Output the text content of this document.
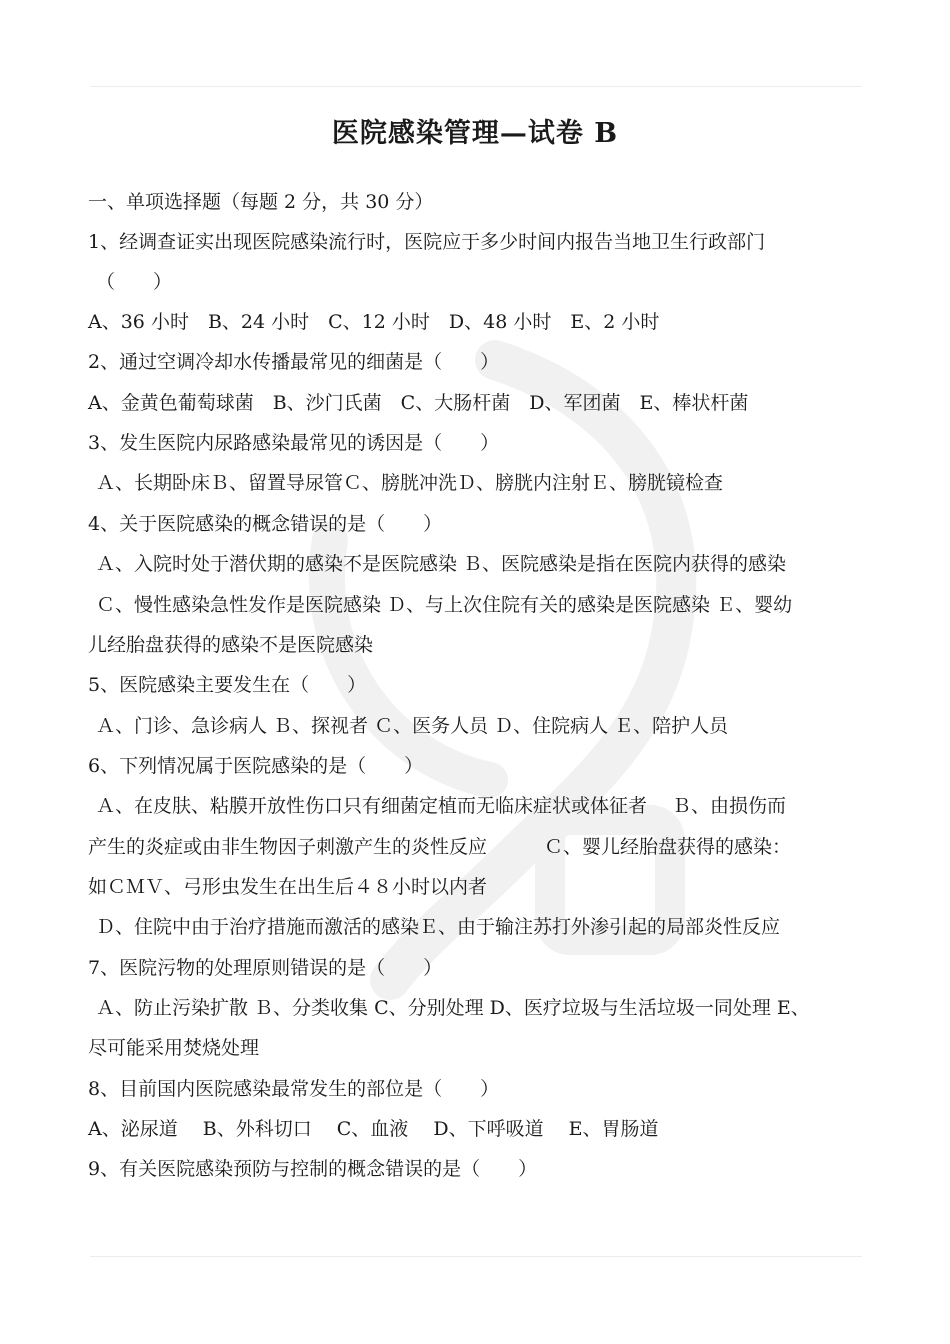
医院感染管理—试卷 B
一、单项选择题（每题 2 分，共 30 分）
1、经调查证实出现医院感染流行时，医院应于多少时间内报告当地卫生行政部门
（　　）
A、36 小时　B、24 小时　C、12 小时　D、48 小时　E、2 小时
2、通过空调冷却水传播最常见的细菌是（　　）
A、金黄色葡萄球菌　B、沙门氏菌　C、大肠杆菌　D、军团菌　E、棒状杆菌
3、发生医院内尿路感染最常见的诱因是（　　）
Ａ、长期卧床Ｂ、留置导尿管Ｃ、膀胱冲洗Ｄ、膀胱内注射Ｅ、膀胱镜检查
4、关于医院感染的概念错误的是（　　）
Ａ、入院时处于潜伏期的感染不是医院感染 Ｂ、医院感染是指在医院内获得的感染
Ｃ、慢性感染急性发作是医院感染 Ｄ、与上次住院有关的感染是医院感染 Ｅ、婴幼
儿经胎盘获得的感染不是医院感染
5、医院感染主要发生在（　　）
Ａ、门诊、急诊病人 Ｂ、探视者 Ｃ、医务人员 Ｄ、住院病人 Ｅ、陪护人员
6、下列情况属于医院感染的是（　　）
Ａ、在皮肤、粘膜开放性伤口只有细菌定植而无临床症状或体征者　 Ｂ、由损伤而
产生的炎症或由非生物因子刺激产生的炎性反应　　　Ｃ、婴儿经胎盘获得的感染：
如ＣＭＶ、弓形虫发生在出生后４８小时以内者
Ｄ、住院中由于治疗措施而激活的感染Ｅ、由于输注苏打外渗引起的局部炎性反应
7、医院污物的处理原则错误的是（　　）
Ａ、防止污染扩散 Ｂ、分类收集 C、分别处理 D、医疗垃圾与生活垃圾一同处理 E、
尽可能采用焚烧处理
8、目前国内医院感染最常发生的部位是（　　）
A、泌尿道　 B、外科切口　 C、血液　 D、下呼吸道　 E、胃肠道
9、有关医院感染预防与控制的概念错误的是（　　）
